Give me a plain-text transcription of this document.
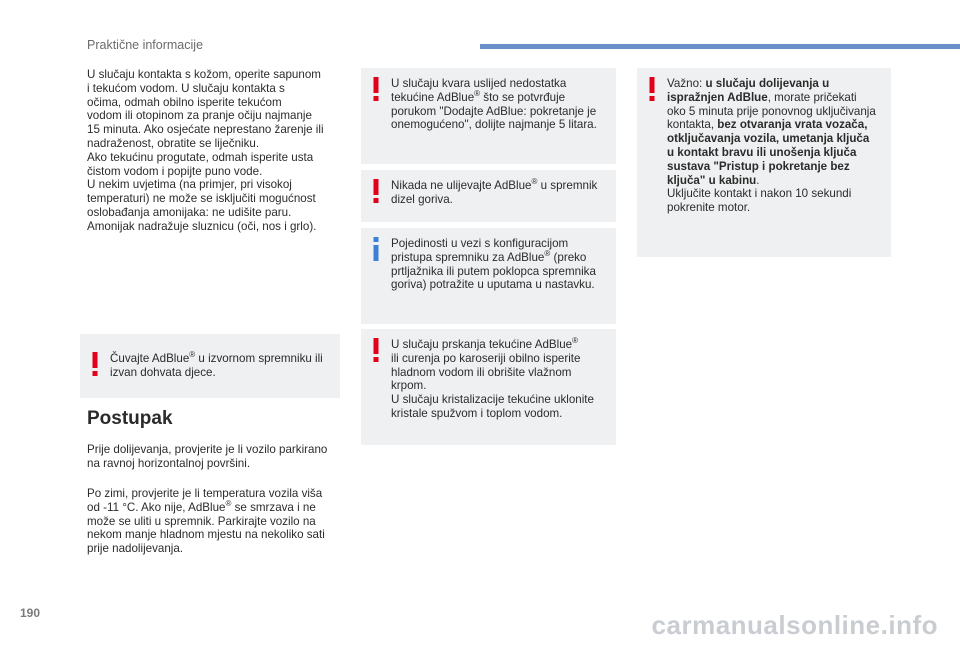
Praktične informacije

U slučaju kontakta s kožom, operite sapunom

i tekućom vodom. U slučaju kontakta s

očima, odmah obilno isperite tekućom

vodom ili otopinom za pranje očiju najmanje

15 minuta. Ako osjećate neprestano žarenje ili

nadraženost, obratite se liječniku.

Ako tekućinu progutate, odmah isperite usta

čistom vodom i popijte puno vode.

U nekim uvjetima (na primjer, pri visokoj

temperaturi) ne može se isključiti mogućnost

oslobađanja amonijaka: ne udišite paru.

Amonijak nadražuje sluznicu (oči, nos i grlo).

Čuvajte AdBlue® u izvornom spremniku ili

izvan dohvata djece.

Postupak

Prije dolijevanja, provjerite je li vozilo parkirano

na ravnoj horizontalnoj površini.

Po zimi, provjerite je li temperatura vozila viša

od -11 °C. Ako nije, AdBlue® se smrzava i ne

može se uliti u spremnik. Parkirajte vozilo na

nekom manje hladnom mjestu na nekoliko sati

prije nadolijevanja.

U slučaju kvara uslijed nedostatka

tekućine AdBlue® što se potvrđuje

porukom "Dodajte AdBlue: pokretanje je

onemogućeno", dolijte najmanje 5 litara.

Nikada ne ulijevajte AdBlue® u spremnik

dizel goriva.

Pojedinosti u vezi s konfiguracijom

pristupa spremniku za AdBlue® (preko

prtljažnika ili putem poklopca spremnika

goriva) potražite u uputama u nastavku.

U slučaju prskanja tekućine AdBlue®

ili curenja po karoseriji obilno isperite

hladnom vodom ili obrišite vlažnom

krpom.

U slučaju kristalizacije tekućine uklonite

kristale spužvom i toplom vodom.

Važno: u slučaju dolijevanja u

ispražnjen AdBlue, morate pričekati

oko 5 minuta prije ponovnog uključivanja

kontakta, bez otvaranja vrata vozača,

otključavanja vozila, umetanja ključa

u kontakt bravu ili unošenja ključa

sustava "Pristup i pokretanje bez

ključa" u kabinu.

Uključite kontakt i nakon 10 sekundi

pokrenite motor.

190	carmanualsonline.info
